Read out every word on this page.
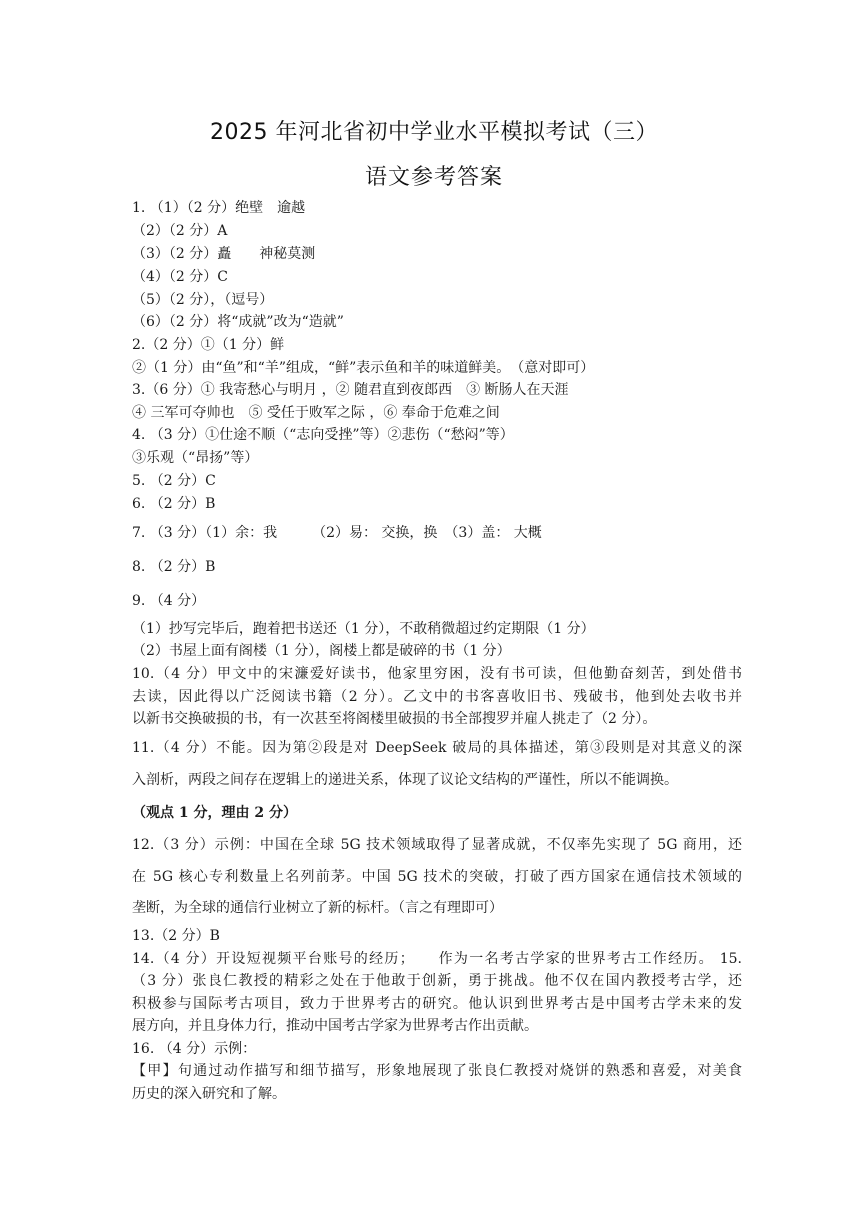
2025 年河北省初中学业水平模拟考试（三）
语文参考答案
1. （1）（2 分）绝壁　逾越
（2）（2 分）A
（3）（2 分）矗　　神秘莫测
（4）（2 分）C
（5）（2 分），（逗号）
（6）（2 分）将“成就”改为“造就”
2.（2 分）①（1 分）鲜
②（1 分）由“鱼”和“羊”组成，“鲜”表示鱼和羊的味道鲜美。　（意对即可）
3.（6 分）① 我寄愁心与明月 ，② 随君直到夜郎西　③ 断肠人在天涯
④ 三军可夺帅也　⑤ 受任于败军之际 ，⑥ 奉命于危难之间
4. （3 分）①仕途不顺（“志向受挫”等）②悲伤（“愁闷”等）
③乐观（“昂扬”等）
5. （2 分）C
6. （2 分）B
7. （3 分）（1）余：我　　　（2）易： 交换，换　（3）盖： 大概
8. （2 分）B
9. （4 分）
（1）抄写完毕后，跑着把书送还（1 分），不敢稍微超过约定期限（1 分）
（2）书屋上面有阁楼（1 分），阁楼上都是破碎的书（1 分）
10.（4 分）甲文中的宋濂爱好读书，他家里穷困，没有书可读，但他勤奋刻苦，到处借书
去读，因此得以广泛阅读书籍（2 分）。乙文中的书客喜收旧书、残破书，他到处去收书并
以新书交换破损的书，有一次甚至将阁楼里破损的书全部搜罗并雇人挑走了（2 分）。
11.（4 分）不能。因为第②段是对 DeepSeek 破局的具体描述，第③段则是对其意义的深
入剖析，两段之间存在逻辑上的递进关系，体现了议论文结构的严谨性，所以不能调换。
（观点 1 分，理由 2 分）
12.（3 分）示例：中国在全球 5G 技术领域取得了显著成就，不仅率先实现了 5G 商用，还
在 5G 核心专利数量上名列前茅。中国 5G 技术的突破，打破了西方国家在通信技术领域的
垄断，为全球的通信行业树立了新的标杆。（言之有理即可）
13.（2 分）B
14.（4 分）开设短视频平台账号的经历；　　作为一名考古学家的世界考古工作经历。 15.
（3 分）张良仁教授的精彩之处在于他敢于创新，勇于挑战。他不仅在国内教授考古学，还
积极参与国际考古项目，致力于世界考古的研究。他认识到世界考古是中国考古学未来的发
展方向，并且身体力行，推动中国考古学家为世界考古作出贡献。
16. （4 分）示例：
【甲】句通过动作描写和细节描写，形象地展现了张良仁教授对烧饼的熟悉和喜爱，对美食
历史的深入研究和了解。
